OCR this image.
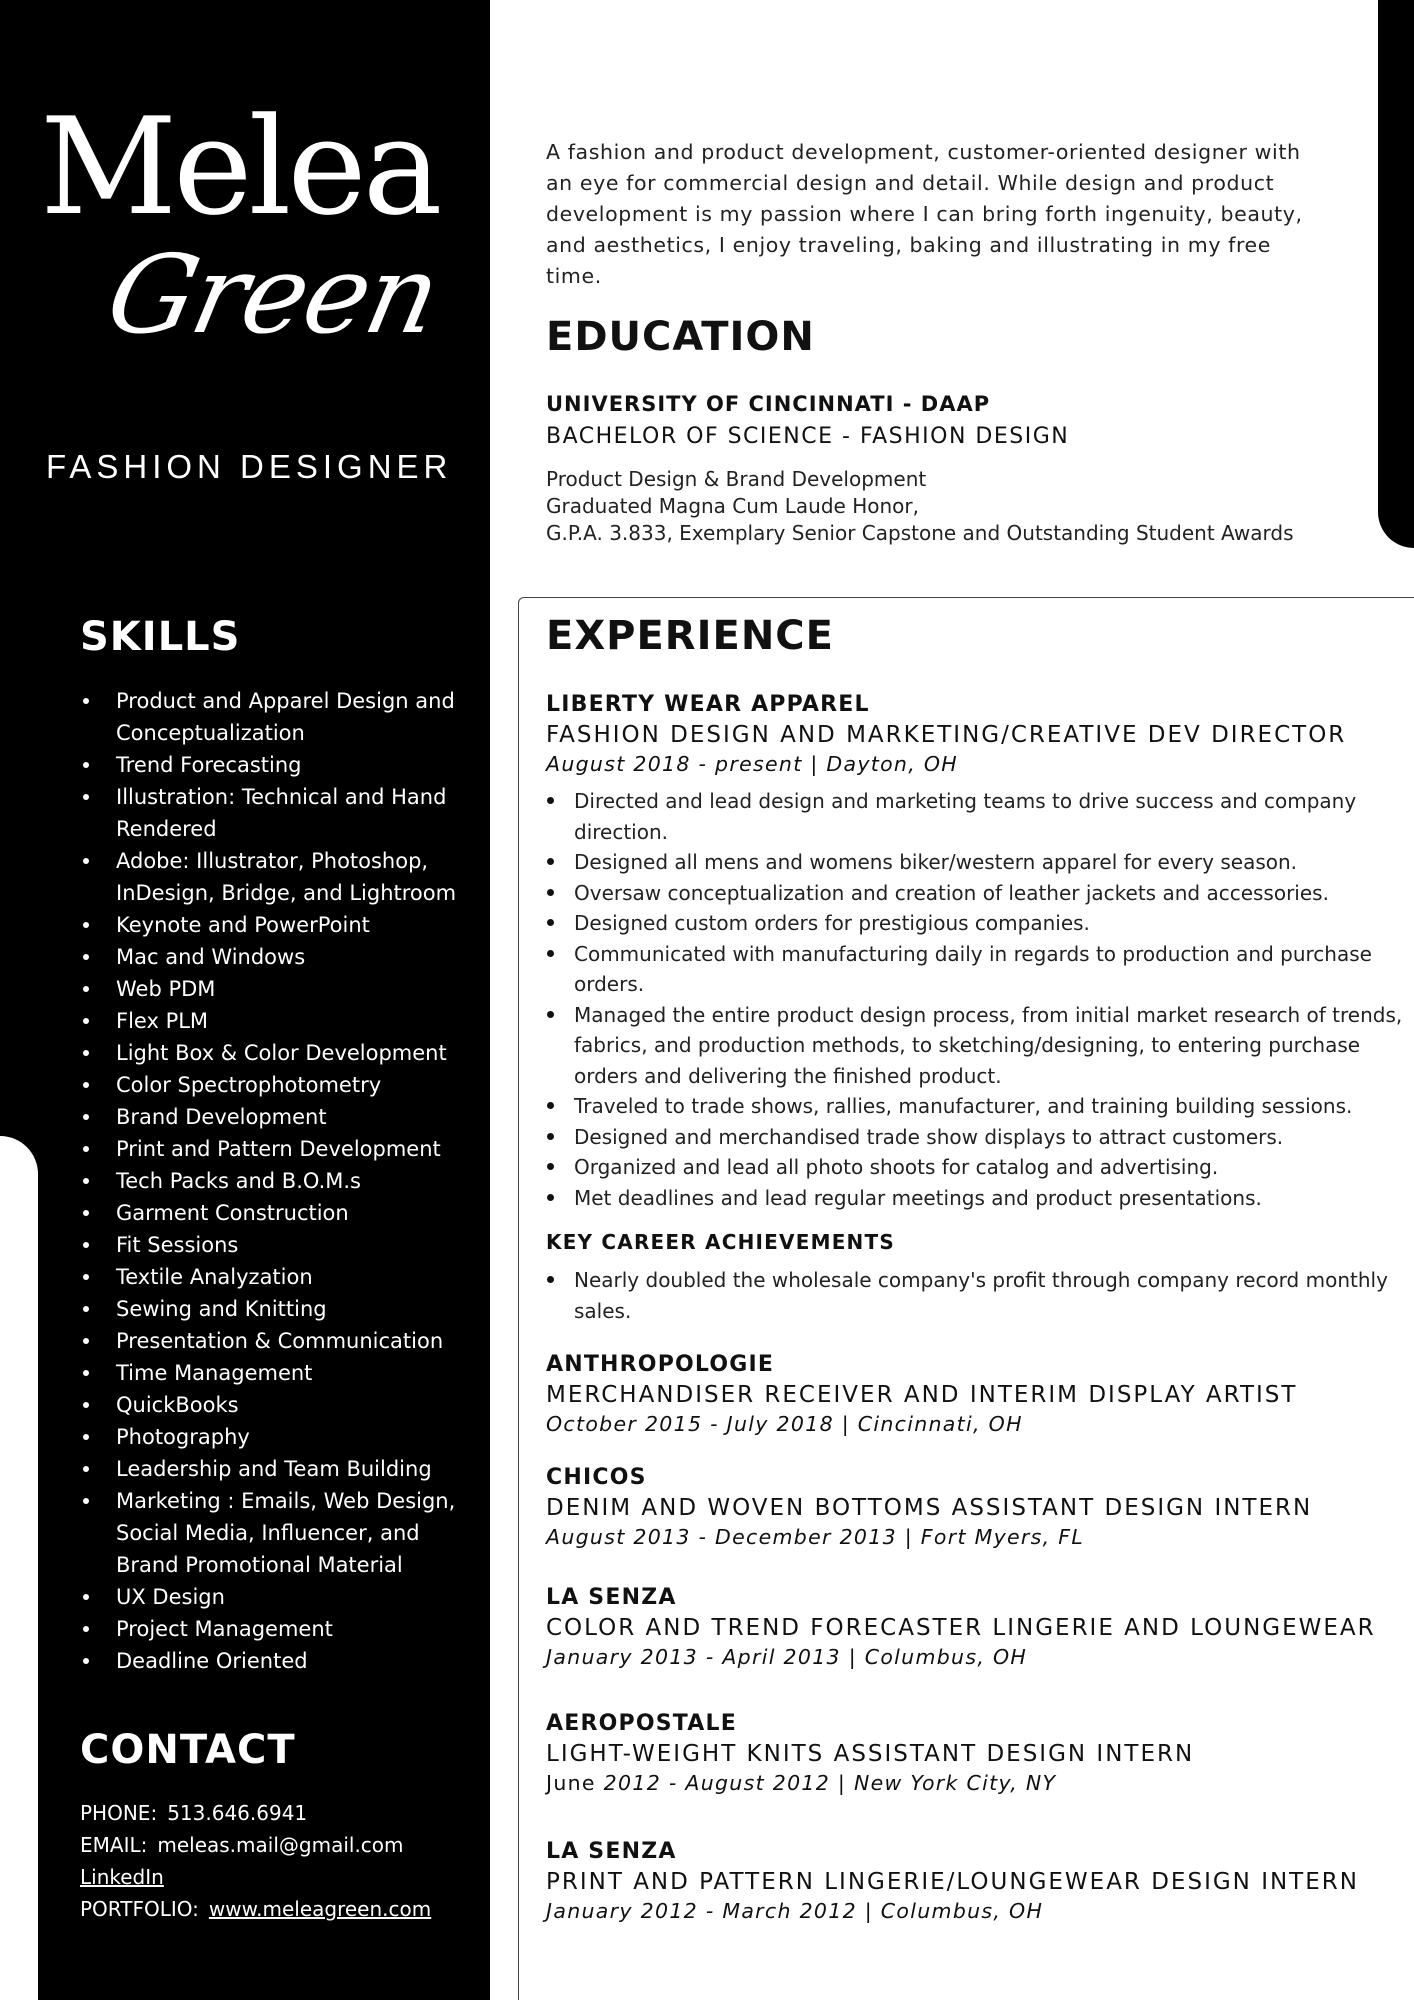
Melea
Green
FASHION DESIGNER
SKILLS
Product and Apparel Design and Conceptualization
Trend Forecasting
Illustration: Technical and Hand Rendered
Adobe: Illustrator, Photoshop, InDesign, Bridge, and Lightroom
Keynote and PowerPoint
Mac and Windows
Web PDM
Flex PLM
Light Box & Color Development
Color Spectrophotometry
Brand Development
Print and Pattern Development
Tech Packs and B.O.M.s
Garment Construction
Fit Sessions
Textile Analyzation
Sewing and Knitting
Presentation & Communication
Time Management
QuickBooks
Photography
Leadership and Team Building
Marketing : Emails, Web Design, Social Media, Influencer, and Brand Promotional Material
UX Design
Project Management
Deadline Oriented
CONTACT
PHONE: 513.646.6941
EMAIL: meleas.mail@gmail.com
LinkedIn
PORTFOLIO: www.meleagreen.com
A fashion and product development, customer-oriented designer with an eye for commercial design and detail. While design and product development is my passion where I can bring forth ingenuity, beauty, and aesthetics, I enjoy traveling, baking and illustrating in my free time.
EDUCATION
UNIVERSITY OF CINCINNATI - DAAP
BACHELOR OF SCIENCE - FASHION DESIGN
Product Design & Brand Development
Graduated Magna Cum Laude Honor,
G.P.A. 3.833, Exemplary Senior Capstone and Outstanding Student Awards
EXPERIENCE
LIBERTY WEAR APPAREL
FASHION DESIGN AND MARKETING/CREATIVE DEV DIRECTOR
August 2018 - present | Dayton, OH
Directed and lead design and marketing teams to drive success and company direction.
Designed all mens and womens biker/western apparel for every season.
Oversaw conceptualization and creation of leather jackets and accessories.
Designed custom orders for prestigious companies.
Communicated with manufacturing daily in regards to production and purchase orders.
Managed the entire product design process, from initial market research of trends, fabrics, and production methods, to sketching/designing, to entering purchase orders and delivering the finished product.
Traveled to trade shows, rallies, manufacturer, and training building sessions.
Designed and merchandised trade show displays to attract customers.
Organized and lead all photo shoots for catalog and advertising.
Met deadlines and lead regular meetings and product presentations.
KEY CAREER ACHIEVEMENTS
Nearly doubled the wholesale company's profit through company record monthly sales.
ANTHROPOLOGIE
MERCHANDISER RECEIVER AND INTERIM DISPLAY ARTIST
October 2015 - July 2018 | Cincinnati, OH
CHICOS
DENIM AND WOVEN BOTTOMS ASSISTANT DESIGN INTERN
August 2013 - December 2013 | Fort Myers, FL
LA SENZA
COLOR AND TREND FORECASTER LINGERIE AND LOUNGEWEAR
January 2013 - April 2013 | Columbus, OH
AEROPOSTALE
LIGHT-WEIGHT KNITS ASSISTANT DESIGN INTERN
June 2012 - August 2012 | New York City, NY
LA SENZA
PRINT AND PATTERN LINGERIE/LOUNGEWEAR DESIGN INTERN
January 2012 - March 2012 | Columbus, OH
